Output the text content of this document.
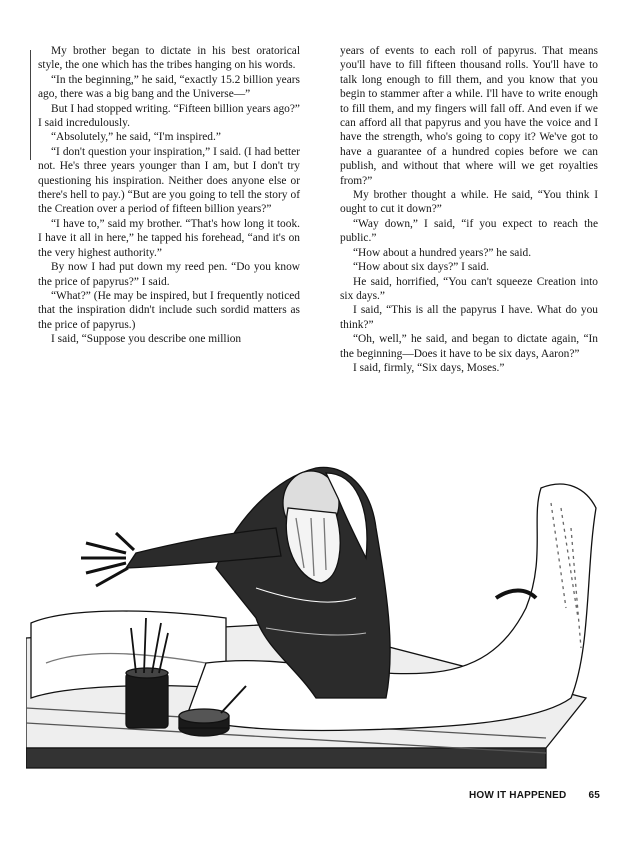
My brother began to dictate in his best oratorical style, the one which has the tribes hanging on his words.

“In the beginning,” he said, “exactly 15.2 billion years ago, there was a big bang and the Universe—”

But I had stopped writing. “Fifteen billion years ago?” I said incredulously.

“Absolutely,” he said, “I'm inspired.”

“I don't question your inspiration,” I said. (I had better not. He's three years younger than I am, but I don't try questioning his inspiration. Neither does anyone else or there's hell to pay.) “But are you going to tell the story of the Creation over a period of fifteen billion years?”

“I have to,” said my brother. “That's how long it took. I have it all in here,” he tapped his forehead, “and it's on the very highest authority.”

By now I had put down my reed pen. “Do you know the price of papyrus?” I said.

“What?” (He may be inspired, but I frequently noticed that the inspiration didn't include such sordid matters as the price of papyrus.)

I said, “Suppose you describe one million

years of events to each roll of papyrus. That means you'll have to fill fifteen thousand rolls. You'll have to talk long enough to fill them, and you know that you begin to stammer after a while. I'll have to write enough to fill them, and my fingers will fall off. And even if we can afford all that papyrus and you have the voice and I have the strength, who's going to copy it? We've got to have a guarantee of a hundred copies before we can publish, and without that where will we get royalties from?”

My brother thought a while. He said, “You think I ought to cut it down?”

“Way down,” I said, “if you expect to reach the public.”

“How about a hundred years?” he said.

“How about six days?” I said.

He said, horrified, “You can't squeeze Creation into six days.”

I said, “This is all the papyrus I have. What do you think?”

“Oh, well,” he said, and began to dictate again, “In the beginning—Does it have to be six days, Aaron?”

I said, firmly, “Six days, Moses.”

HOW IT HAPPENED 65
